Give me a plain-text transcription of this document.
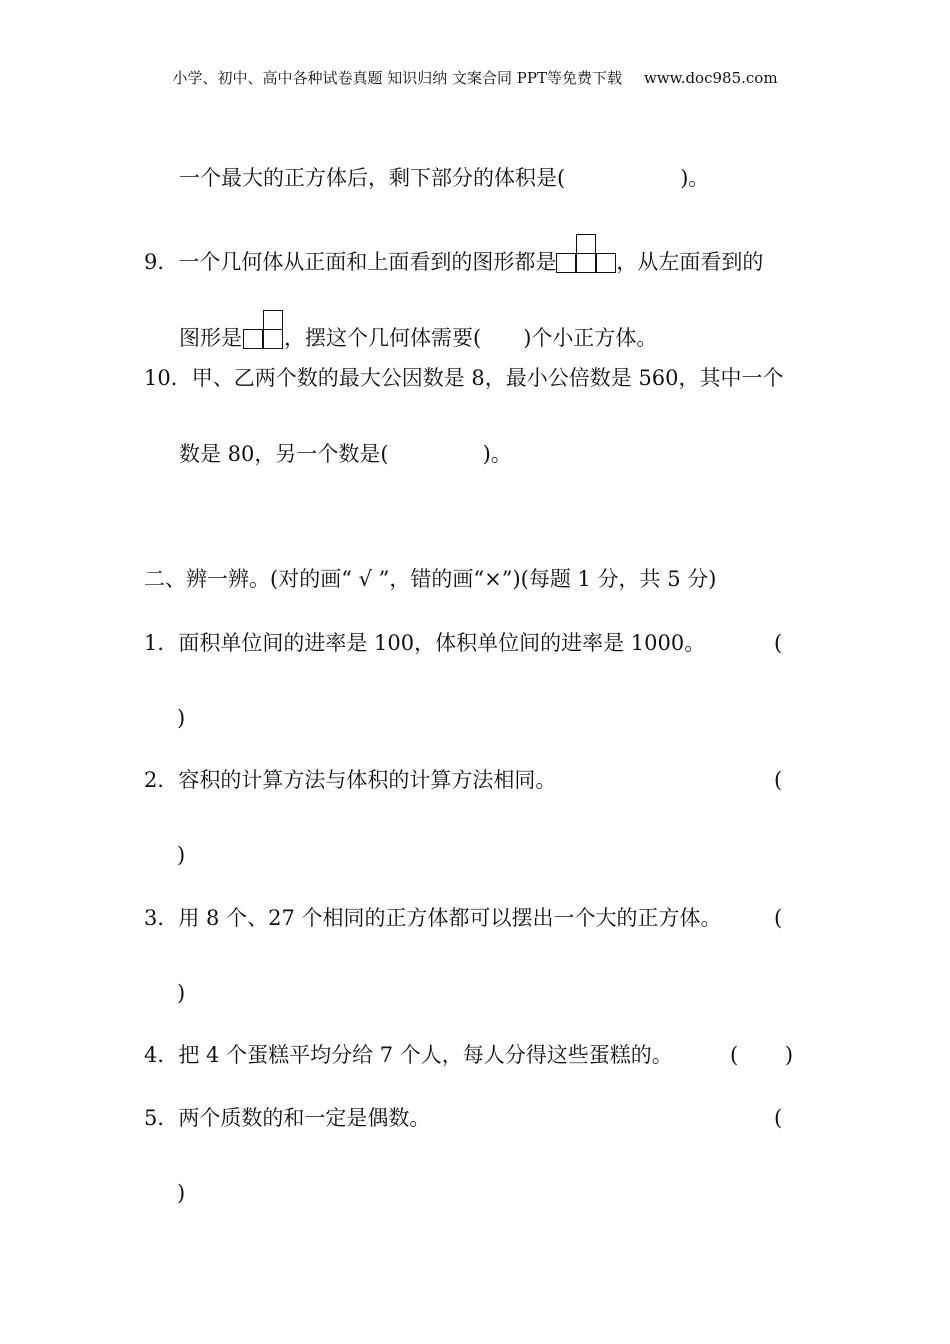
小学、初中、高中各种试卷真题 知识归纳 文案合同 PPT等免费下载 www.doc985.com
一个最大的正方体后，剩下部分的体积是(	)。
9．一个几何体从正面和上面看到的图形都是	，从左面看到的
图形是 ，摆这个几何体需要( )个小正方体。
10．甲、乙两个数的最大公因数是 8，最小公倍数是 560，其中一个
数是 80，另一个数是(	)。
二、辨一辨。(对的画“ √ ”，错的画“×”)(每题 1 分，共 5 分)
1．面积单位间的进率是 100，体积单位间的进率是 1000。	(
)
2．容积的计算方法与体积的计算方法相同。	(
)
3．用 8 个、27 个相同的正方体都可以摆出一个大的正方体。	(
)
4．把 4 个蛋糕平均分给 7 个人，每人分得这些蛋糕的。	(       )
5．两个质数的和一定是偶数。	(
)
